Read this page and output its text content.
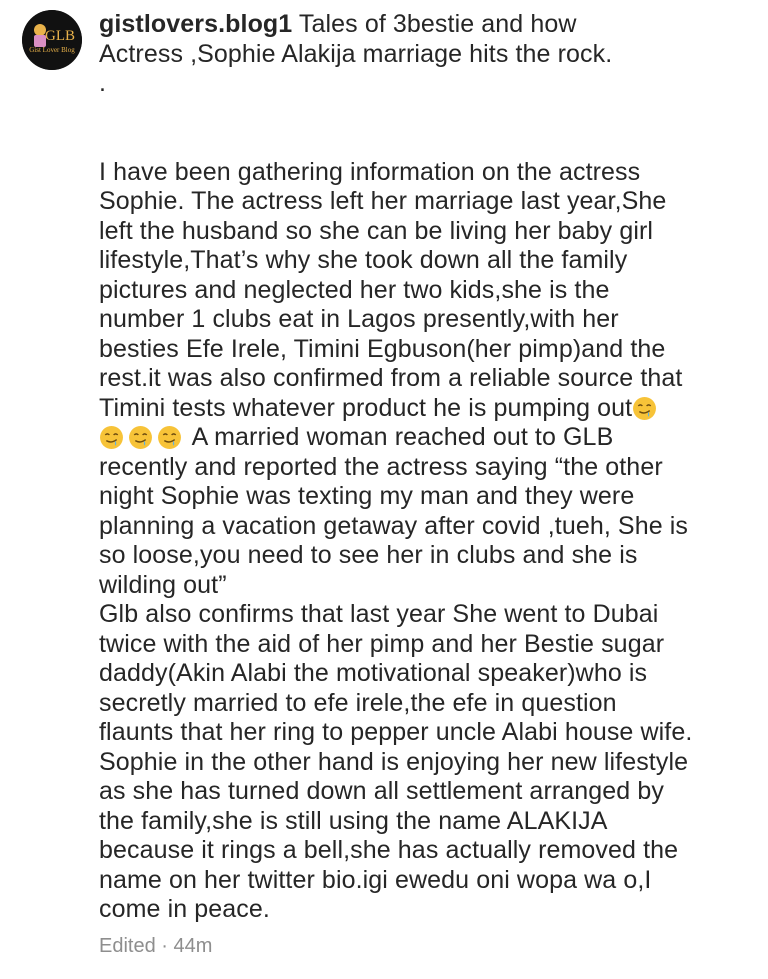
GLB
Gist Lover Blog
gistlovers.blog1 Tales of 3bestie and how
Actress ,Sophie Alakija marriage hits the rock.
.
I have been gathering information on the actress
Sophie. The actress left her marriage last year,She
left the husband so she can be living her baby girl
lifestyle,That’s why she took down all the family
pictures and neglected her two kids,she is the
number 1 clubs eat in Lagos presently,with her
besties Efe Irele, Timini Egbuson(her pimp)and the
rest.it was also confirmed from a reliable source that
Timini tests whatever product he is pumping out
A married woman reached out to GLB
recently and reported the actress saying “the other
night Sophie was texting my man and they were
planning a vacation getaway after covid ,tueh, She is
so loose,you need to see her in clubs and she is
wilding out”
Glb also confirms that last year She went to Dubai
twice with the aid of her pimp and her Bestie sugar
daddy(Akin Alabi the motivational speaker)who is
secretly married to efe irele,the efe in question
flaunts that her ring to pepper uncle Alabi house wife.
Sophie in the other hand is enjoying her new lifestyle
as she has turned down all settlement arranged by
the family,she is still using the name ALAKIJA
because it rings a bell,she has actually removed the
name on her twitter bio.igi ewedu oni wopa wa o,I
come in peace.
Edited · 44m
